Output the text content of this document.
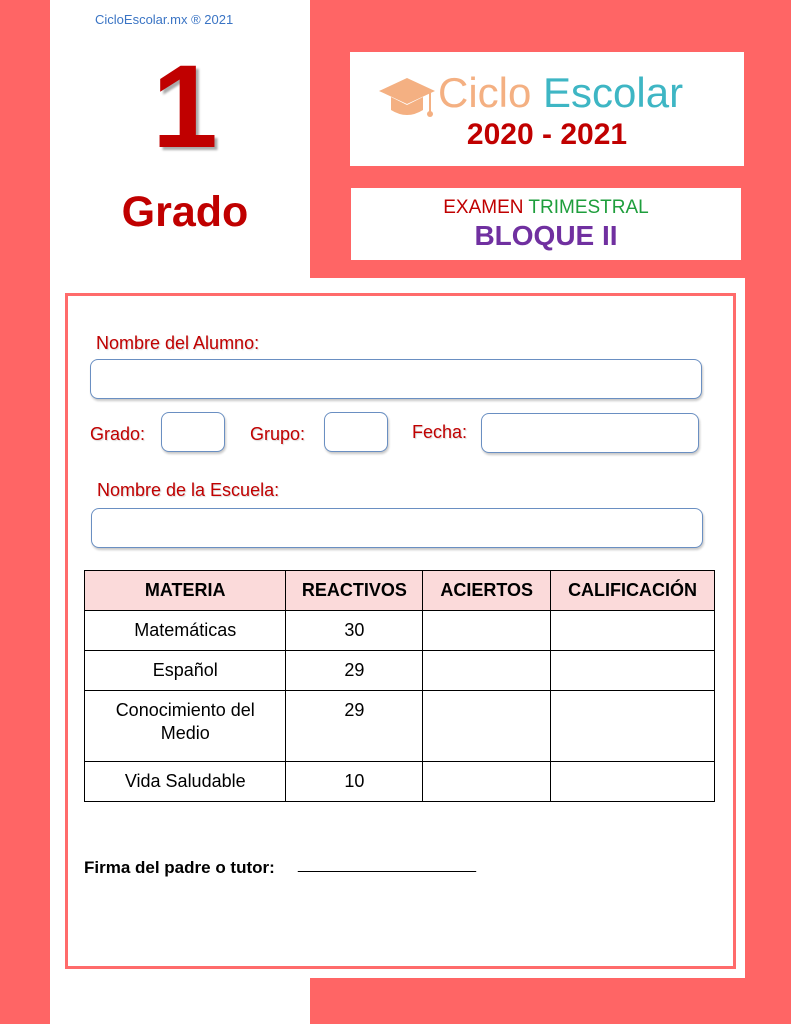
CicloEscolar.mx ® 2021
1
Grado
Ciclo Escolar
2020 - 2021
EXAMEN TRIMESTRAL
BLOQUE II
Nombre del Alumno:
Grado:	Grupo:	Fecha:
Nombre de la Escuela:
MATERIA	REACTIVOS	ACIERTOS	CALIFICACIÓN
Matemáticas	30		
Español	29		
Conocimiento del Medio	29		
Vida Saludable	10		
Firma del padre o tutor: ____________________
